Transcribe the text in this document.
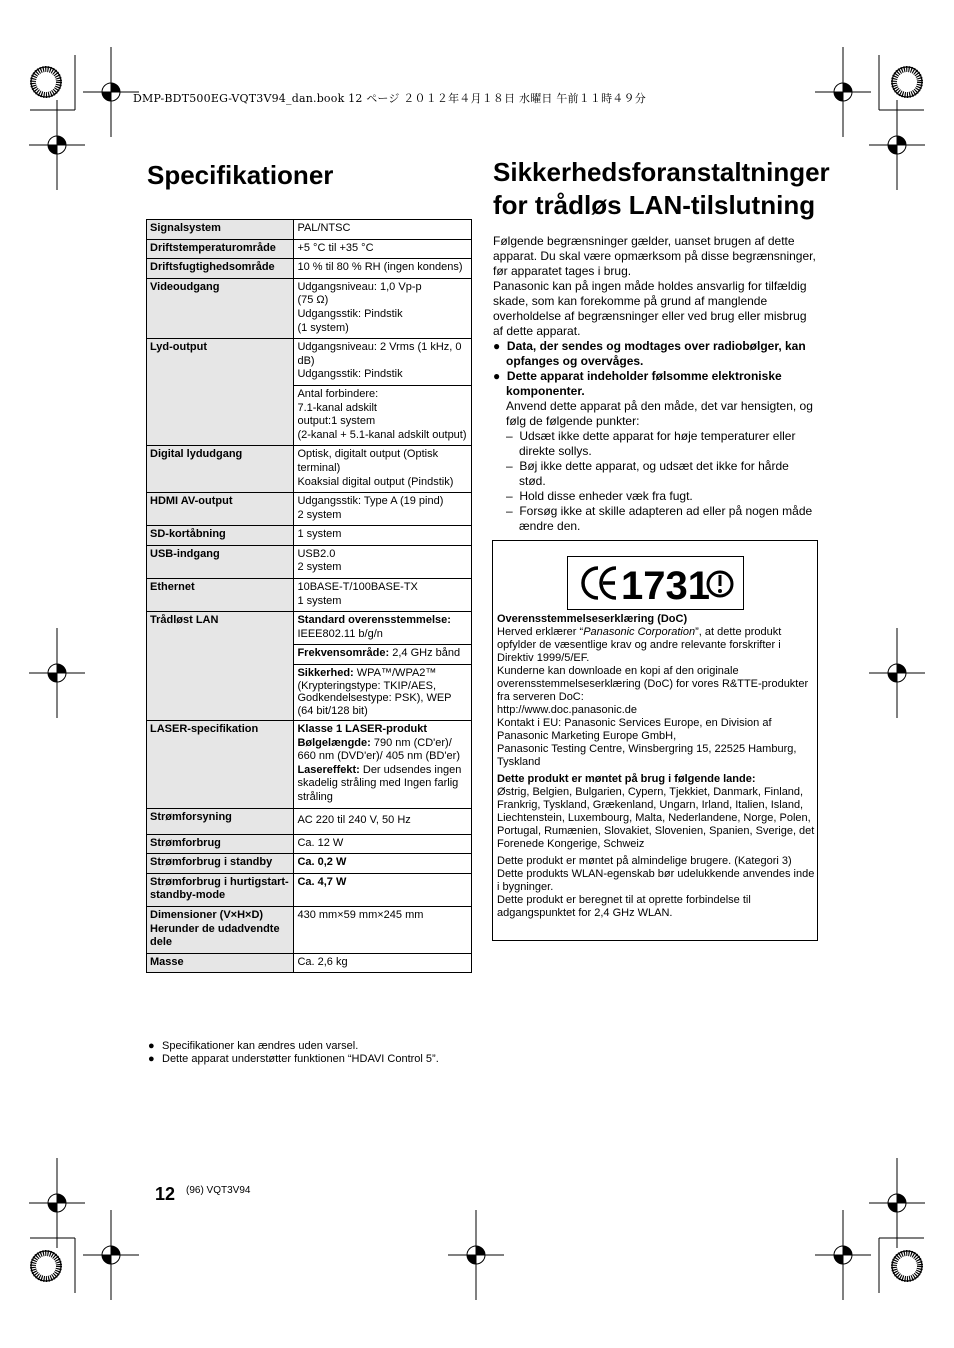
DMP-BDT500EG-VQT3V94_dan.book 12 ページ ２０１２年４月１８日 水曜日 午前１１時４９分
Specifikationer
Signalsystem	PAL/NTSC
Driftstemperaturområde	+5 °C til +35 °C
Driftsfugtighedsområde	10 % til 80 % RH (ingen kondens)
Videoudgang	Udgangsniveau: 1,0 Vp-p
(75 Ω)
Udgangsstik: Pindstik
(1 system)

Lyd-output	Udgangsniveau: 2 Vrms (1 kHz, 0 dB)
Udgangsstik: Pindstik

	Antal forbindere:
7.1-kanal adskilt
output:1 system
(2-kanal + 5.1-kanal adskilt output)

Digital lydudgang	Optisk, digitalt output (Optisk terminal)
Koaksial digital output (Pindstik)

HDMI AV-output	Udgangsstik: Type A (19 pind)
2 system

SD-kortåbning	1 system
USB-indgang	USB2.0
2 system

Ethernet	10BASE-T/100BASE-TX
1 system

Trådløst LAN	Standard overensstemmelse:
IEEE802.11 b/g/n

	Frekvensområde: 2,4 GHz bånd
	Sikkerhed: WPA™/WPA2™ (Krypteringstype: TKIP/AES, Godkendelsestype: PSK), WEP (64 bit/128 bit)
LASER-specifikation	Klasse 1 LASER-produkt
Bølgelængde: 790 nm (CD'er)/ 660 nm (DVD'er)/ 405 nm (BD'er)
Lasereffekt: Der udsendes ingen skadelig stråling med Ingen farlig stråling

Strømforsyning	AC 220 til 240 V, 50 Hz
Strømforbrug	Ca. 12 W
Strømforbrug i standby	Ca. 0,2 W
Strømforbrug i hurtigstart-standby-mode	Ca. 4,7 W
Dimensioner (V×H×D) Herunder de udadvendte dele	430 mm×59 mm×245 mm
Masse	Ca. 2,6 kg
● Specifikationer kan ændres uden varsel.
● Dette apparat understøtter funktionen “HDAVI Control 5”.
Sikkerhedsforanstaltninger for trådløs LAN-tilslutning

Følgende begrænsninger gælder, uanset brugen af dette apparat. Du skal være opmærksom på disse begrænsninger, før apparatet tages i brug.

Panasonic kan på ingen måde holdes ansvarlig for tilfældig skade, som kan forekomme på grund af manglende overholdelse af begrænsninger eller ved brug eller misbrug af dette apparat.

●  Data, der sendes og modtages over radiobølger, kan opfanges og overvåges.

●  Dette apparat indeholder følsomme elektroniske komponenter.

Anvend dette apparat på den måde, det var hensigten, og følg de følgende punkter:

–  Udsæt ikke dette apparat for høje temperaturer eller direkte sollys.

–  Bøj ikke dette apparat, og udsæt det ikke for hårde stød.

–  Hold disse enheder væk fra fugt.

–  Forsøg ikke at skille adapteren ad eller på nogen måde ændre den.

1731

Overensstemmelseserklæring (DoC)

Herved erklærer “Panasonic Corporation”, at dette produkt opfylder de væsentlige krav og andre relevante forskrifter i Direktiv 1999/5/EF.

Kunderne kan downloade en kopi af den originale overensstemmelseserklæring (DoC) for vores R&TTE-produkter fra serveren DoC:

http://www.doc.panasonic.de

Kontakt i EU: Panasonic Services Europe, en Division af Panasonic Marketing Europe GmbH,

Panasonic Testing Centre, Winsbergring 15, 22525 Hamburg, Tyskland

Dette produkt er møntet på brug i følgende lande:

Østrig, Belgien, Bulgarien, Cypern, Tjekkiet, Danmark, Finland, Frankrig, Tyskland, Grækenland, Ungarn, Irland, Italien, Island, Liechtenstein, Luxembourg, Malta, Nederlandene, Norge, Polen, Portugal, Rumænien, Slovakiet, Slovenien, Spanien, Sverige, det Forenede Kongerige, Schweiz

Dette produkt er møntet på almindelige brugere. (Kategori 3)

Dette produkts WLAN-egenskab bør udelukkende anvendes inde i bygninger.

Dette produkt er beregnet til at oprette forbindelse til adgangspunktet for 2,4 GHz WLAN.

12 (96) VQT3V94
